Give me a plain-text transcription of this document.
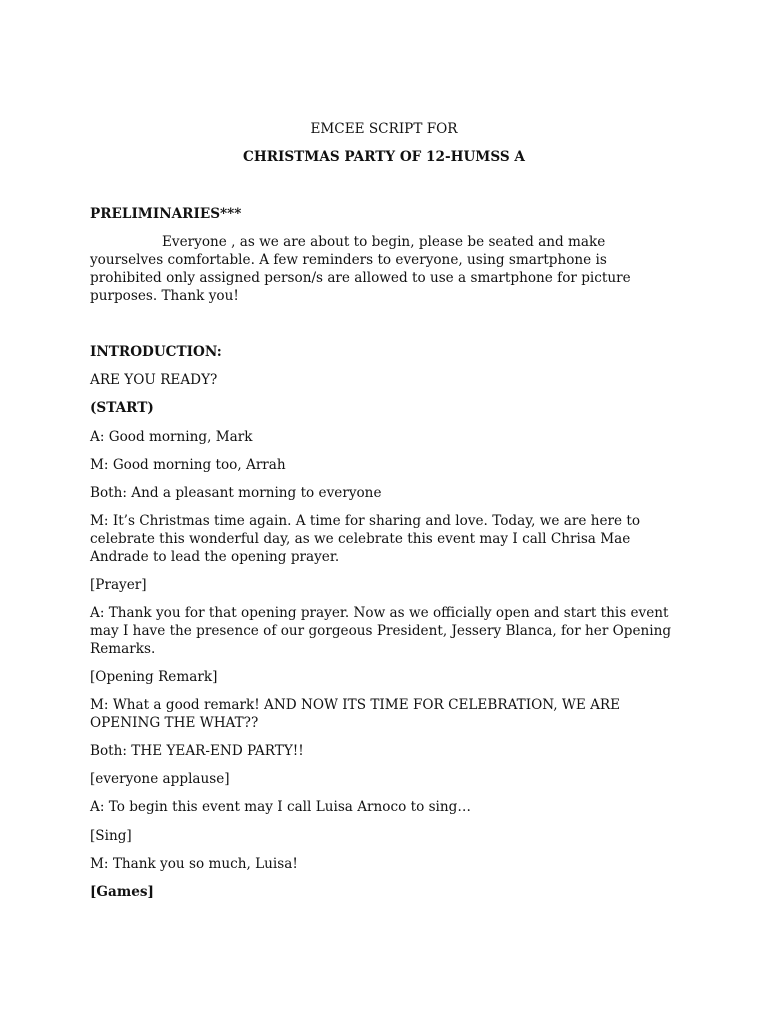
EMCEE SCRIPT FOR

CHRISTMAS PARTY OF 12-HUMSS A

PRELIMINARIES***

Everyone , as we are about to begin, please be seated and make yourselves comfortable. A few reminders to everyone, using smartphone is prohibited only assigned person/s are allowed to use a smartphone for picture purposes. Thank you!

INTRODUCTION:

ARE YOU READY?

(START)

A: Good morning, Mark

M: Good morning too, Arrah

Both: And a pleasant morning to everyone

M: It’s Christmas time again. A time for sharing and love. Today, we are here to celebrate this wonderful day, as we celebrate this event may I call Chrisa Mae Andrade to lead the opening prayer.

[Prayer]

A: Thank you for that opening prayer. Now as we officially open and start this event may I have the presence of our gorgeous President, Jessery Blanca, for her Opening Remarks.

[Opening Remark]

M: What a good remark! AND NOW ITS TIME FOR CELEBRATION, WE ARE OPENING THE WHAT??

Both: THE YEAR-END PARTY!!

[everyone applause]

A: To begin this event may I call Luisa Arnoco to sing…

[Sing]

M: Thank you so much, Luisa!

[Games]
